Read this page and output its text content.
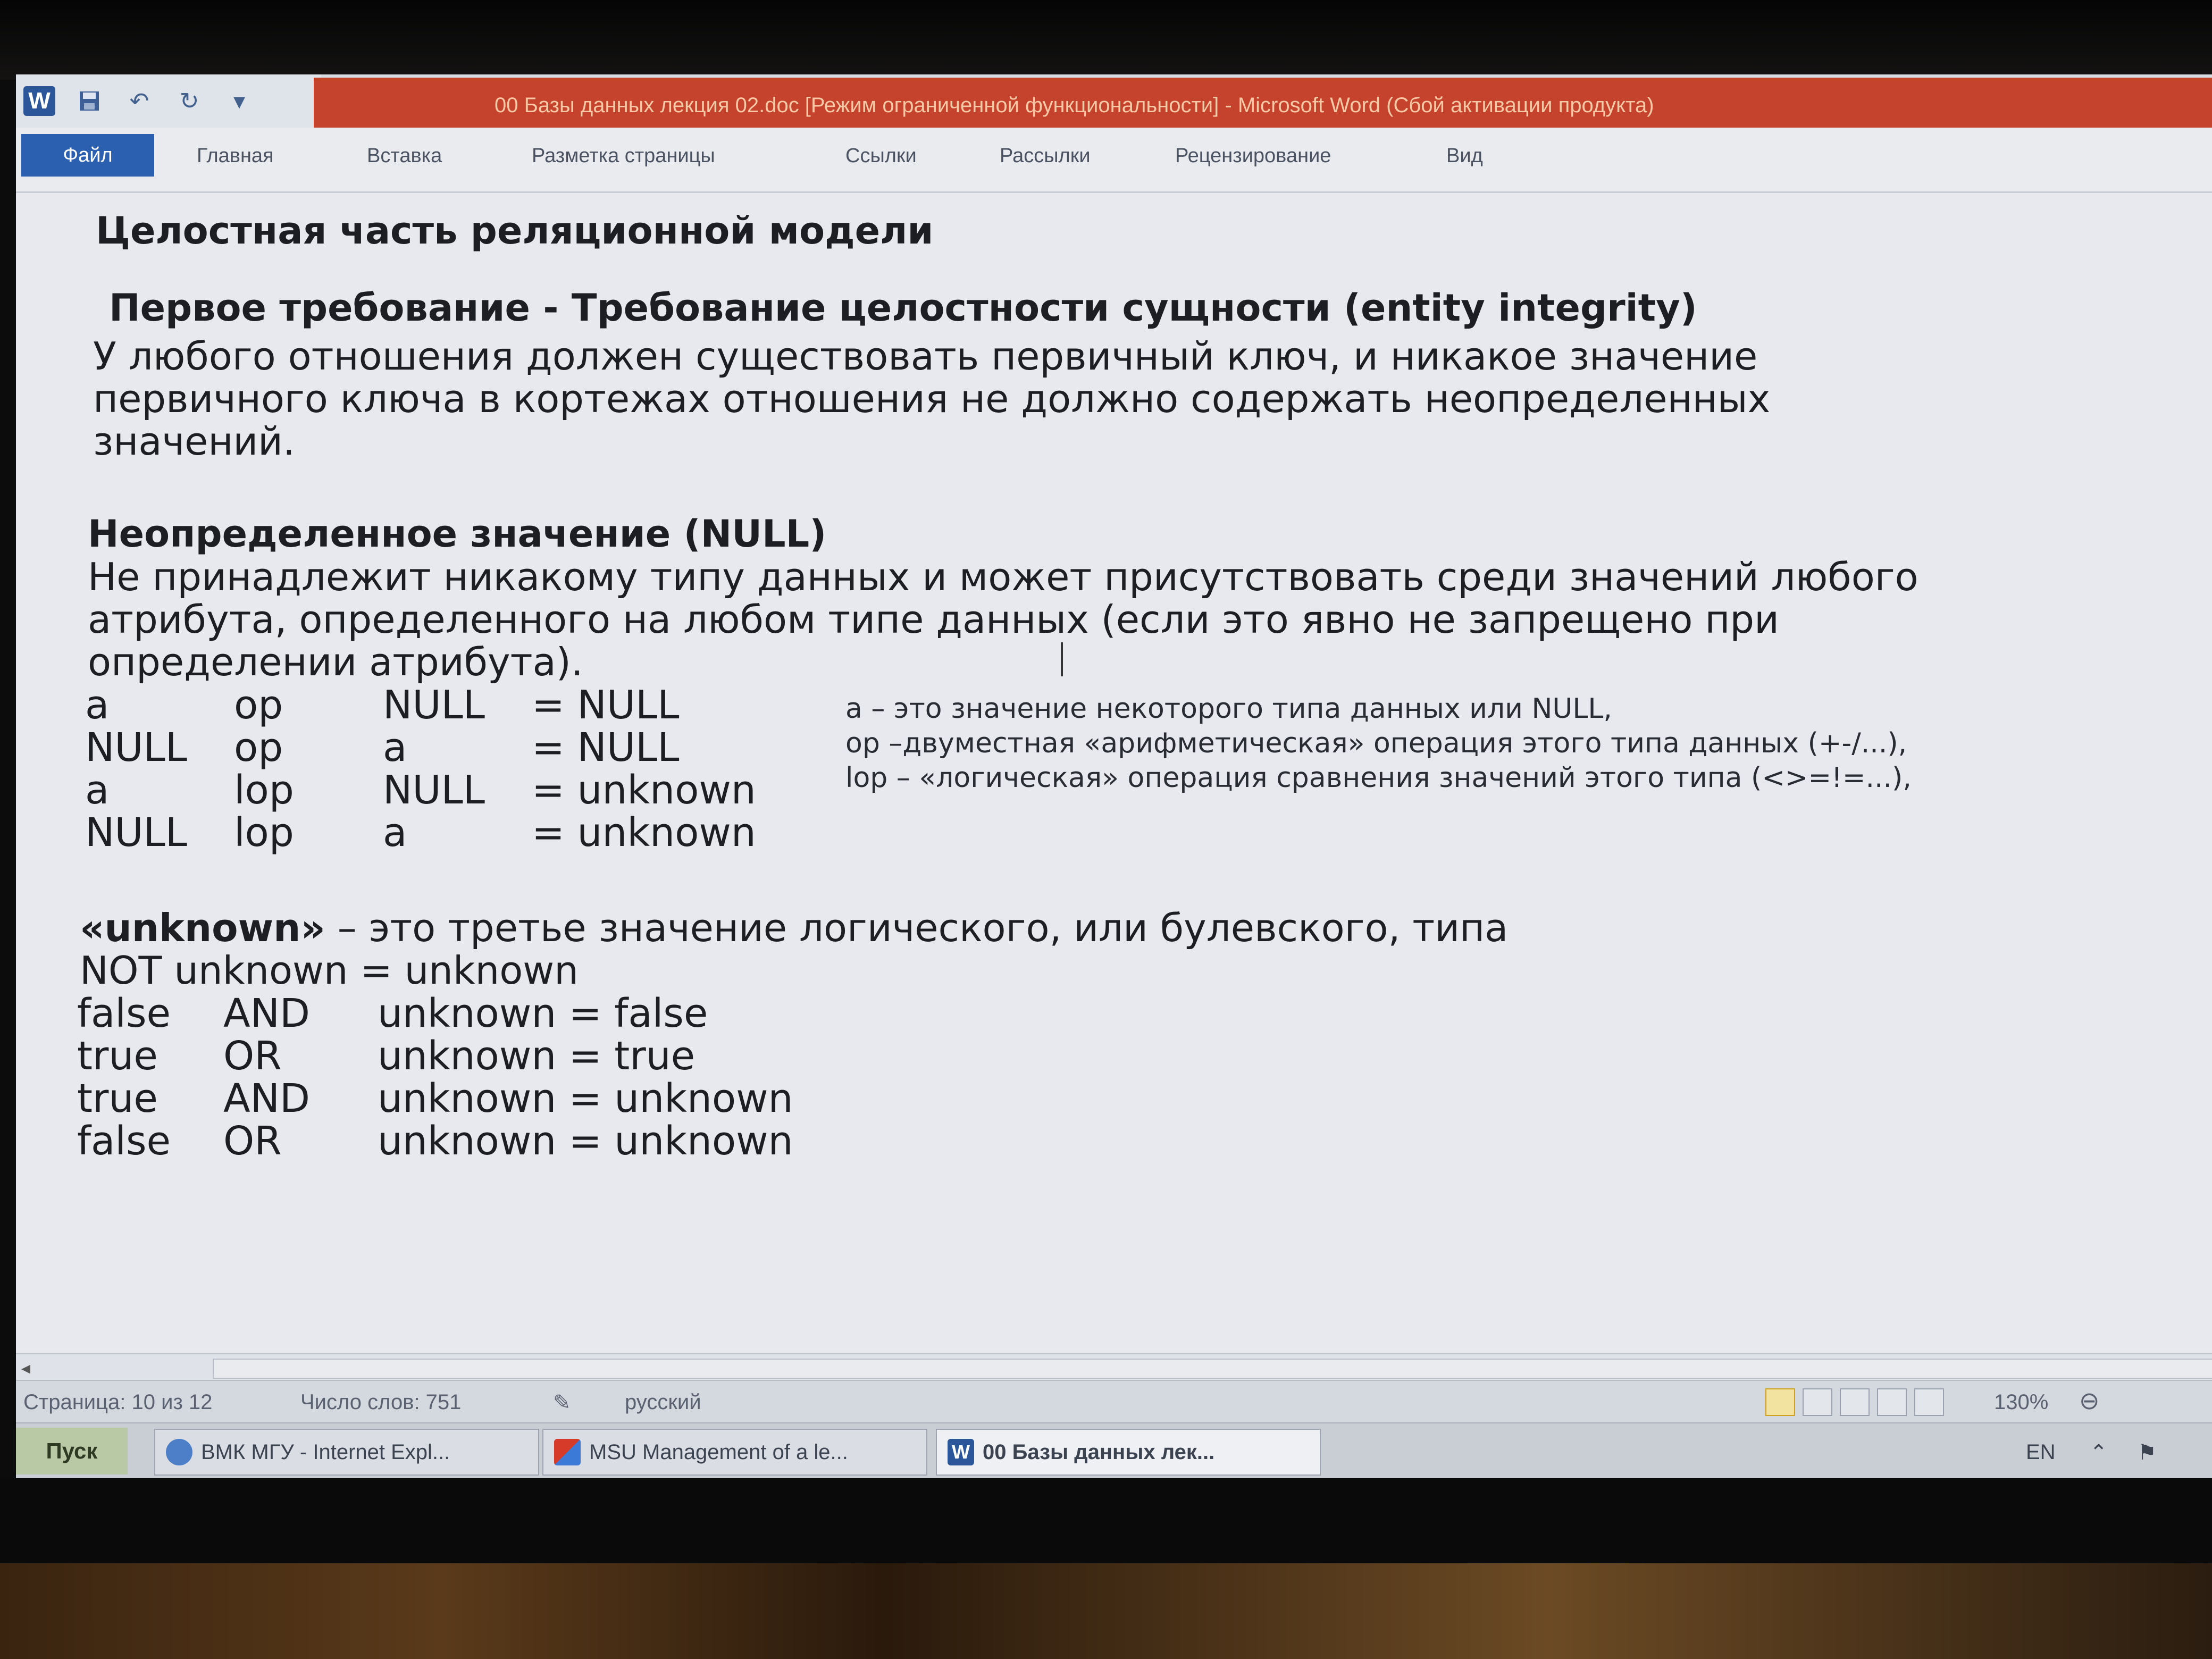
W	↶ ↻	▾	00 Базы данных лекция 02.doc [Режим ограниченной функциональности] - Microsoft Word (Сбой активации продукта)
Файл	Главная	Вставка	Разметка страницы	Ссылки	Рассылки	Рецензирование	Вид
Целостная часть реляционной модели
Первое требование - Требование целостности сущности (entity integrity)
У любого отношения должен существовать первичный ключ, и никакое значение
первичного ключа в кортежах отношения не должно содержать неопределенных
значений.
Неопределенное значение (NULL)
Не принадлежит никакому типу данных и может присутствовать среди значений любого
атрибута, определенного на любом типе данных (если это явно не запрещено при
определении атрибута).
a	op	NULL = NULL
NULL op	a	= NULL
a	lop NULL = unknown
NULL lop a	= unknown
a – это значение некоторого типа данных или NULL,
op –двуместная «арифметическая» операция этого типа данных (+-/...),
lop – «логическая» операция сравнения значений этого типа (<>=!=...),
«unknown» – это третье значение логического, или булевского, типа
NOT unknown = unknown
false AND unknown = false
true OR unknown = true
true AND unknown = unknown
false OR unknown = unknown
◂
Страница: 10 из 12	Число слов: 751	✎	русский	130% ⊖
Пуск	ВМК МГУ - Internet Expl...	MSU Management of a le...	W 00 Базы данных лек...	EN ⌃ ⚑
